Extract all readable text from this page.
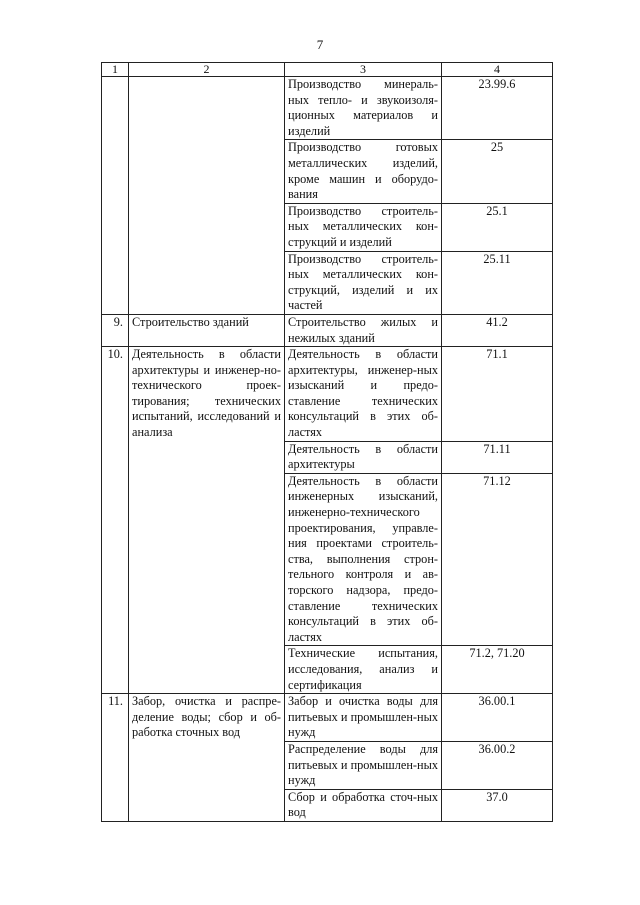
7
1	2	3	4
		Производство минераль-ных тепло- и звукоизоля-ционных материалов и изделий	23.99.6
		Производство готовых металлических изделий, кроме машин и оборудо-вания	25
		Производство строитель-ных металлических кон-струкций и изделий	25.1
		Производство строитель-ных металлических кон-струкций, изделий и их частей	25.11
9.	Строительство зданий	Строительство жилых и нежилых зданий	41.2
10.	Деятельность в области архитектуры и инженер-но-технического проек-тирования; технических испытаний, исследований и анализа	Деятельность в области архитектуры, инженер-ных изысканий и предо-ставление технических консультаций в этих об-ластях	71.1
		Деятельность в области архитектуры	71.11
		Деятельность в области инженерных изысканий, инженерно-технического проектирования, управле-ния проектами строитель-ства, выполнения строн-тельного контроля и ав-торского надзора, предо-ставление технических консультаций в этих об-ластях	71.12
		Технические испытания, исследования, анализ и сертификация	71.2, 71.20
11.	Забор, очистка и распре-деление воды; сбор и об-работка сточных вод	Забор и очистка воды для питьевых и промышлен-ных нужд	36.00.1
		Распределение воды для питьевых и промышлен-ных нужд	36.00.2
		Сбор и обработка сточ-ных вод	37.0
